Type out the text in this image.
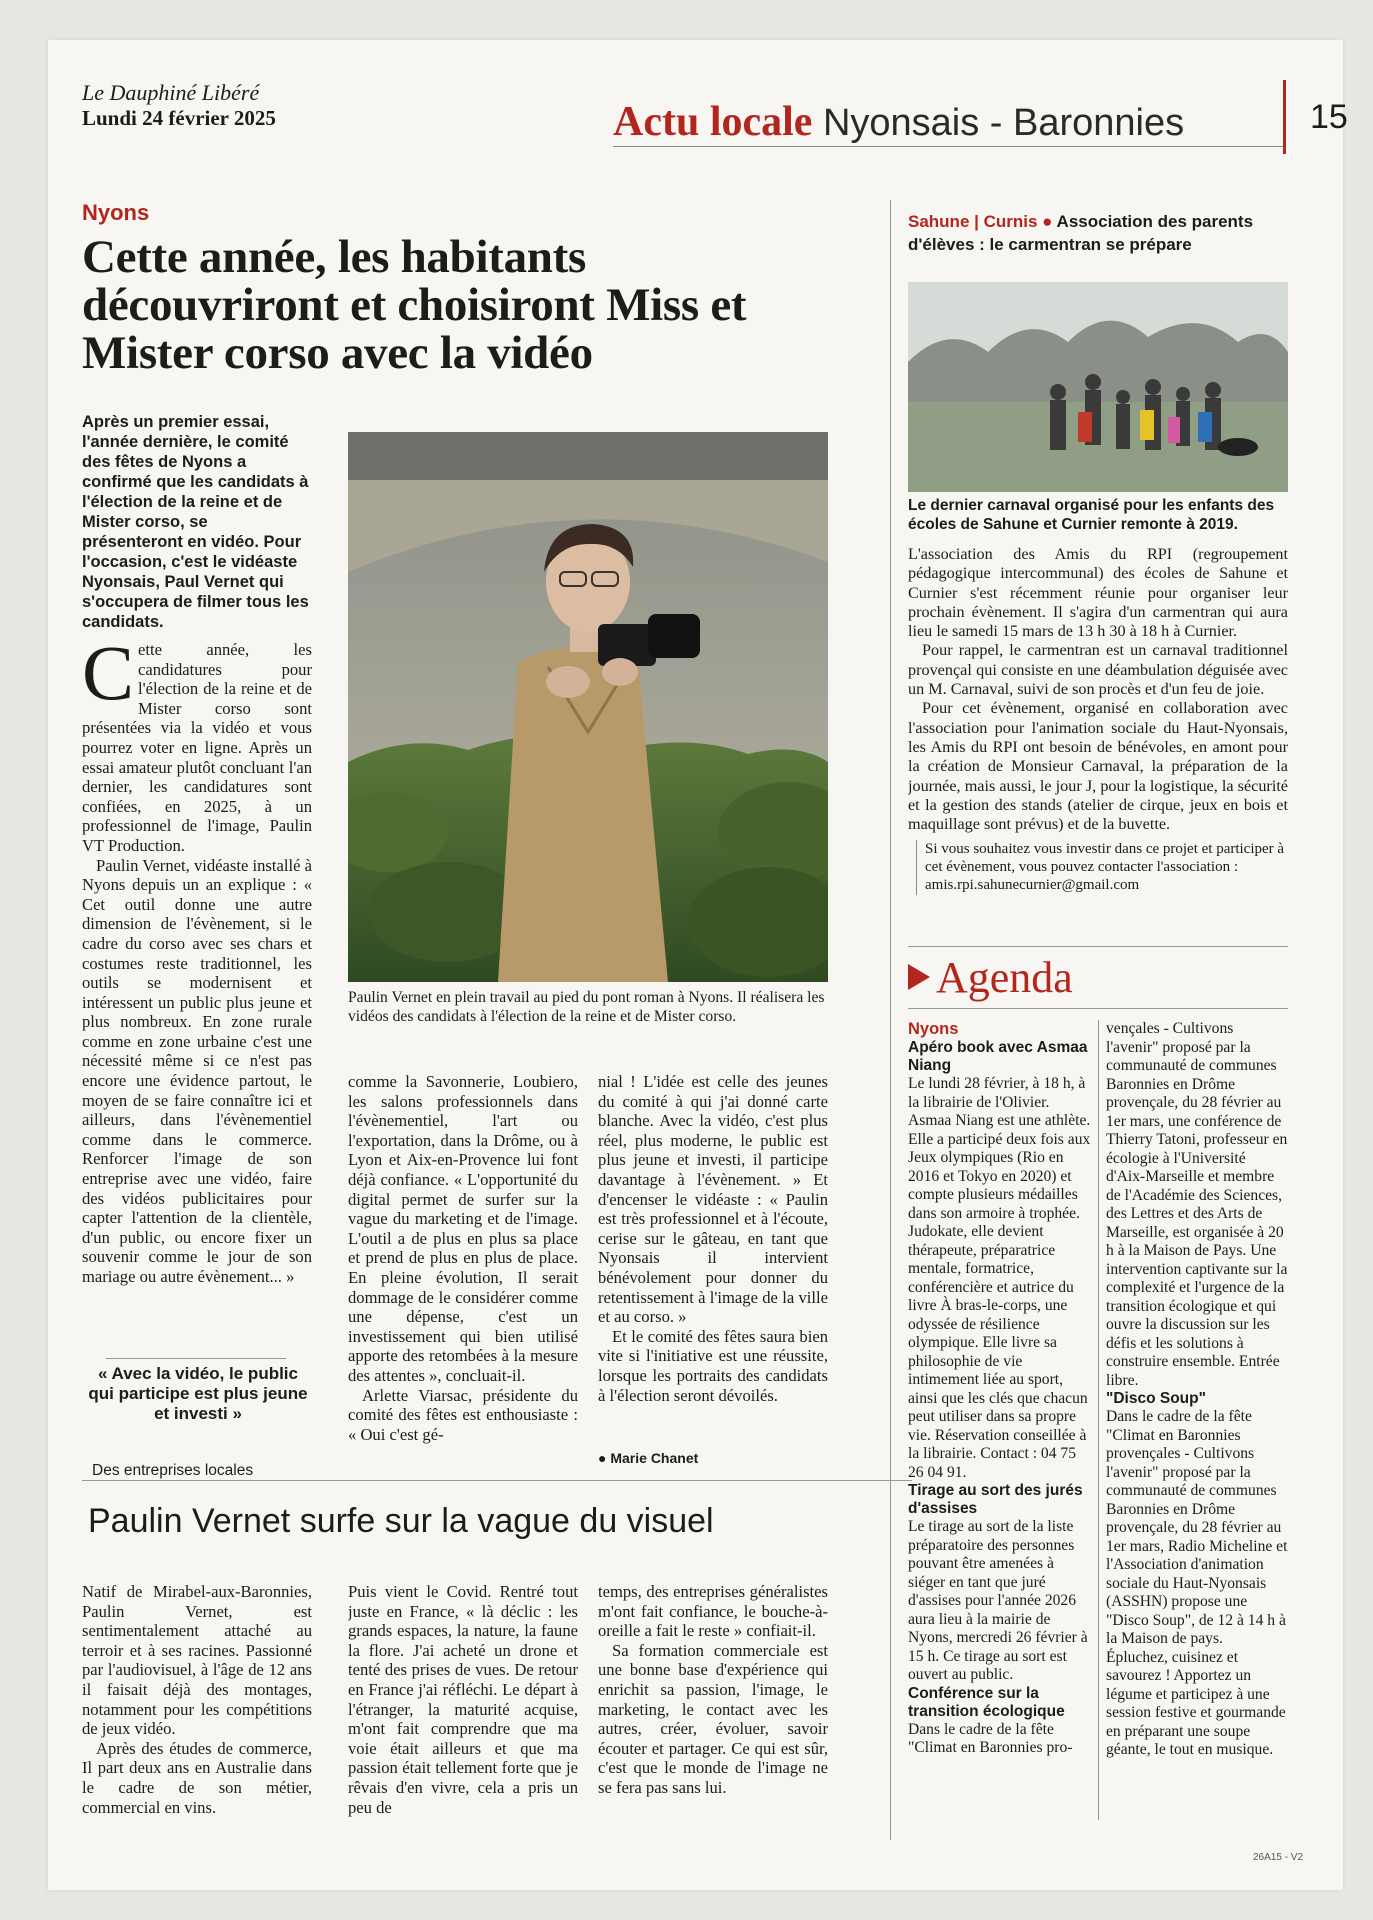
Le Dauphiné Libéré
Lundi 24 février 2025	Actu locale Nyonsais - Baronnies	15
Nyons
Cette année, les habitants découvriront et choisiront Miss et Mister corso avec la vidéo
Après un premier essai, l'année dernière, le comité des fêtes de Nyons a confirmé que les candidats à l'élection de la reine et de Mister corso, se présenteront en vidéo. Pour l'occasion, c'est le vidéaste Nyonsais, Paul Vernet qui s'occupera de filmer tous les candidats.

Cette année, les candidatures pour l'élection de la reine et de Mister corso sont présentées via la vidéo et vous pourrez voter en ligne. Après un essai amateur plutôt concluant l'an dernier, les candidatures sont confiées, en 2025, à un professionnel de l'image, Paulin VT Production.

Paulin Vernet, vidéaste installé à Nyons depuis un an explique : « Cet outil donne une autre dimension de l'évènement, si le cadre du corso avec ses chars et costumes reste traditionnel, les outils se modernisent et intéressent un public plus jeune et plus nombreux. En zone rurale comme en zone urbaine c'est une nécessité même si ce n'est pas encore une évidence partout, le moyen de se faire connaître ici et ailleurs, dans l'évènementiel comme dans le commerce. Renforcer l'image de son entreprise avec une vidéo, faire des vidéos publicitaires pour capter l'attention de la clientèle, d'un public, ou encore fixer un souvenir comme le jour de son mariage ou autre évènement... »

« Avec la vidéo, le public qui participe est plus jeune et investi »
Paulin Vernet en plein travail au pied du pont roman à Nyons. Il réalisera les vidéos des candidats à l'élection de la reine et de Mister corso.

comme la Savonnerie, Loubiero, les salons professionnels dans l'évènementiel, l'art ou l'exportation, dans la Drôme, ou à Lyon et Aix-en-Provence lui font déjà confiance. « L'opportunité du digital permet de surfer sur la vague du marketing et de l'image. L'outil a de plus en plus sa place et prend de plus en plus de place. En pleine évolution, Il serait dommage de le considérer comme une dépense, c'est un investissement qui bien utilisé apporte des retombées à la mesure des attentes », concluait-il.

Arlette Viarsac, présidente du comité des fêtes est enthousiaste : « Oui c'est gé-

nial ! L'idée est celle des jeunes du comité à qui j'ai donné carte blanche. Avec la vidéo, c'est plus réel, plus moderne, le public est plus jeune et investi, il participe davantage à l'évènement. » Et d'encenser le vidéaste : « Paulin est très professionnel et à l'écoute, cerise sur le gâteau, en tant que Nyonsais il intervient bénévolement pour donner du retentissement à l'image de la ville et au corso. »

Et le comité des fêtes saura bien vite si l'initiative est une réussite, lorsque les portraits des candidats à l'élection seront dévoilés.

● Marie Chanet
Des entreprises locales
Paulin Vernet surfe sur la vague du visuel

Natif de Mirabel-aux-Baronnies, Paulin Vernet, est sentimentalement attaché au terroir et à ses racines. Passionné par l'audiovisuel, à l'âge de 12 ans il faisait déjà des montages, notamment pour les compétitions de jeux vidéo.

Après des études de commerce, Il part deux ans en Australie dans le cadre de son métier, commercial en vins.

Puis vient le Covid. Rentré tout juste en France, « là déclic : les grands espaces, la nature, la faune la flore. J'ai acheté un drone et tenté des prises de vues. De retour en France j'ai réfléchi. Le départ à l'étranger, la maturité acquise, m'ont fait comprendre que ma voie était ailleurs et que ma passion était tellement forte que je rêvais d'en vivre, cela a pris un peu de

temps, des entreprises généralistes m'ont fait confiance, le bouche-à-oreille a fait le reste » confiait-il.

Sa formation commerciale est une bonne base d'expérience qui enrichit sa passion, l'image, le marketing, le contact avec les autres, créer, évoluer, savoir écouter et partager. Ce qui est sûr, c'est que le monde de l'image ne se fera pas sans lui.

Sahune | Curnis ● Association des parents d'élèves : le carmentran se prépare
Le dernier carnaval organisé pour les enfants des écoles de Sahune et Curnier remonte à 2019.

L'association des Amis du RPI (regroupement pédagogique intercommunal) des écoles de Sahune et Curnier s'est récemment réunie pour organiser leur prochain évènement. Il s'agira d'un carmentran qui aura lieu le samedi 15 mars de 13 h 30 à 18 h à Curnier.

Pour rappel, le carmentran est un carnaval traditionnel provençal qui consiste en une déambulation déguisée avec un M. Carnaval, suivi de son procès et d'un feu de joie.

Pour cet évènement, organisé en collaboration avec l'association pour l'animation sociale du Haut-Nyonsais, les Amis du RPI ont besoin de bénévoles, en amont pour la création de Monsieur Carnaval, la préparation de la journée, mais aussi, le jour J, pour la logistique, la sécurité et la gestion des stands (atelier de cirque, jeux en bois et maquillage sont prévus) et de la buvette.

Si vous souhaitez vous investir dans ce projet et participer à cet évènement, vous pouvez contacter l'association :
amis.rpi.sahunecurnier@gmail.com
Agenda
Nyons
Apéro book avec Asmaa Niang
Le lundi 28 février, à 18 h, à la librairie de l'Olivier. Asmaa Niang est une athlète. Elle a participé deux fois aux Jeux olympiques (Rio en 2016 et Tokyo en 2020) et compte plusieurs médailles dans son armoire à trophée. Judokate, elle devient thérapeute, préparatrice mentale, formatrice, conférencière et autrice du livre À bras-le-corps, une odyssée de résilience olympique. Elle livre sa philosophie de vie intimement liée au sport, ainsi que les clés que chacun peut utiliser dans sa propre vie. Réservation conseillée à la librairie. Contact : 04 75 26 04 91.
Tirage au sort des jurés d'assises
Le tirage au sort de la liste préparatoire des personnes pouvant être amenées à siéger en tant que juré d'assises pour l'année 2026 aura lieu à la mairie de Nyons, mercredi 26 février à 15 h. Ce tirage au sort est ouvert au public.
Conférence sur la transition écologique
Dans le cadre de la fête "Climat en Baronnies pro-
vençales - Cultivons l'avenir" proposé par la communauté de communes Baronnies en Drôme provençale, du 28 février au 1er mars, une conférence de Thierry Tatoni, professeur en écologie à l'Université d'Aix-Marseille et membre de l'Académie des Sciences, des Lettres et des Arts de Marseille, est organisée à 20 h à la Maison de Pays. Une intervention captivante sur la complexité et l'urgence de la transition écologique et qui ouvre la discussion sur les défis et les solutions à construire ensemble. Entrée libre.
"Disco Soup"
Dans le cadre de la fête "Climat en Baronnies provençales - Cultivons l'avenir" proposé par la communauté de communes Baronnies en Drôme provençale, du 28 février au 1er mars, Radio Micheline et l'Association d'animation sociale du Haut-Nyonsais (ASSHN) propose une "Disco Soup", de 12 à 14 h à la Maison de pays. Épluchez, cuisinez et savourez ! Apportez un légume et participez à une session festive et gourmande en préparant une soupe géante, le tout en musique.
26A15 - V2
